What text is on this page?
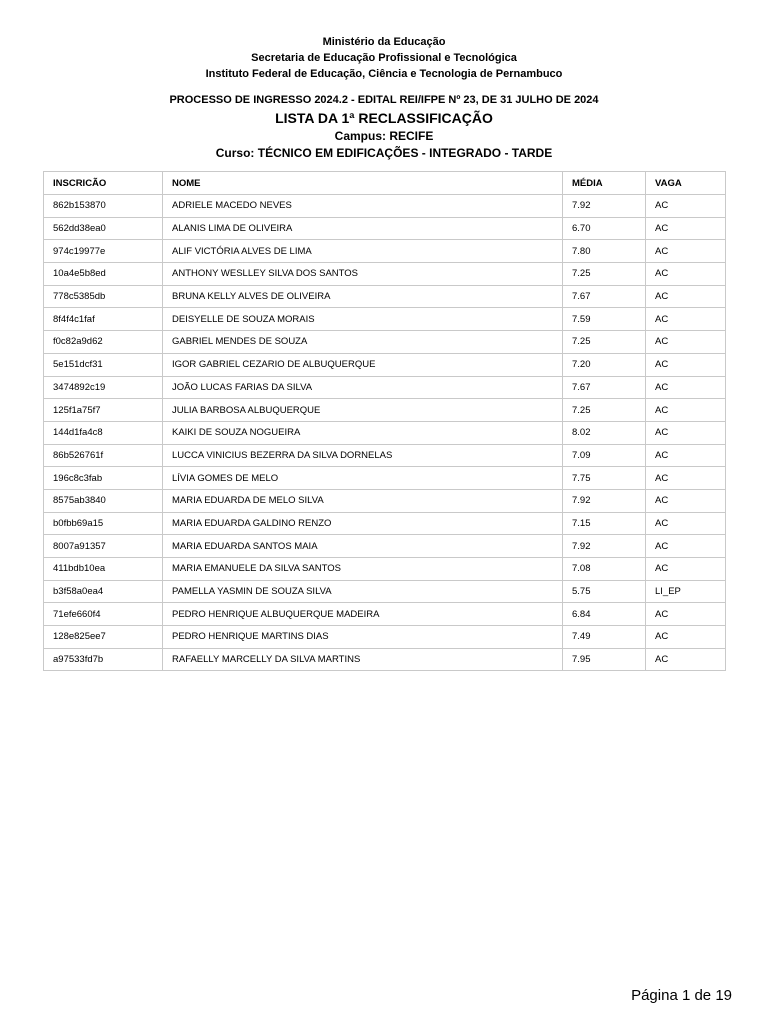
Ministério da Educação
Secretaria de Educação Profissional e Tecnológica
Instituto Federal de Educação, Ciência e Tecnologia de Pernambuco
PROCESSO DE INGRESSO 2024.2 - EDITAL REI/IFPE Nº 23, DE 31 JULHO DE 2024
LISTA DA 1ª RECLASSIFICAÇÃO
Campus: RECIFE
Curso: TÉCNICO EM EDIFICAÇÕES - INTEGRADO - TARDE
INSCRICÃO	NOME	MÉDIA	VAGA
862b153870	ADRIELE MACEDO NEVES	7.92	AC
562dd38ea0	ALANIS LIMA DE OLIVEIRA	6.70	AC
974c19977e	ALIF VICTÓRIA ALVES DE LIMA	7.80	AC
10a4e5b8ed	ANTHONY WESLLEY SILVA DOS SANTOS	7.25	AC
778c5385db	BRUNA KELLY ALVES DE OLIVEIRA	7.67	AC
8f4f4c1faf	DEISYELLE DE SOUZA MORAIS	7.59	AC
f0c82a9d62	GABRIEL MENDES DE SOUZA	7.25	AC
5e151dcf31	IGOR GABRIEL CEZARIO DE ALBUQUERQUE	7.20	AC
3474892c19	JOÃO LUCAS FARIAS DA SILVA	7.67	AC
125f1a75f7	JULIA BARBOSA ALBUQUERQUE	7.25	AC
144d1fa4c8	KAIKI DE SOUZA NOGUEIRA	8.02	AC
86b526761f	LUCCA VINICIUS BEZERRA DA SILVA DORNELAS	7.09	AC
196c8c3fab	LÍVIA GOMES DE MELO	7.75	AC
8575ab3840	MARIA EDUARDA DE MELO SILVA	7.92	AC
b0fbb69a15	MARIA EDUARDA GALDINO RENZO	7.15	AC
8007a91357	MARIA EDUARDA SANTOS MAIA	7.92	AC
411bdb10ea	MARIA EMANUELE DA SILVA SANTOS	7.08	AC
b3f58a0ea4	PAMELLA YASMIN DE SOUZA SILVA	5.75	LI_EP
71efe660f4	PEDRO HENRIQUE ALBUQUERQUE MADEIRA	6.84	AC
128e825ee7	PEDRO HENRIQUE MARTINS DIAS	7.49	AC
a97533fd7b	RAFAELLY MARCELLY DA SILVA MARTINS	7.95	AC
Página 1 de 19
